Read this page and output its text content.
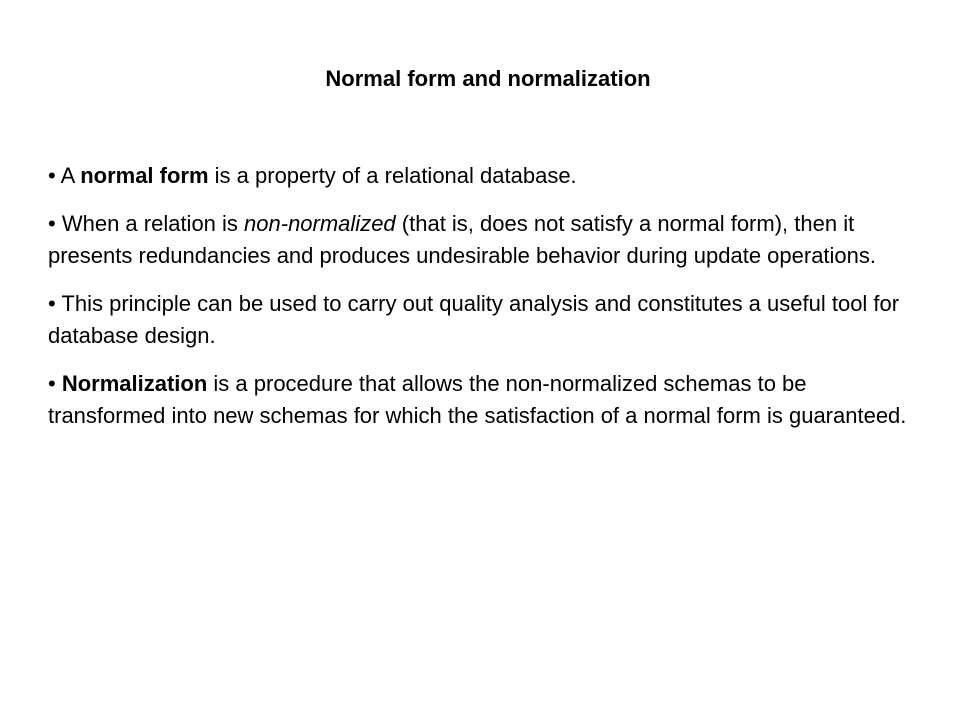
Normal form and normalization

• A normal form is a property of a relational database.

• When a relation is non-normalized (that is, does not satisfy a normal form), then it presents redundancies and produces undesirable behavior during update operations.

• This principle can be used to carry out quality analysis and constitutes a useful tool for database design.

• Normalization is a procedure that allows the non-normalized schemas to be transformed into new schemas for which the satisfaction of a normal form is guaranteed.
